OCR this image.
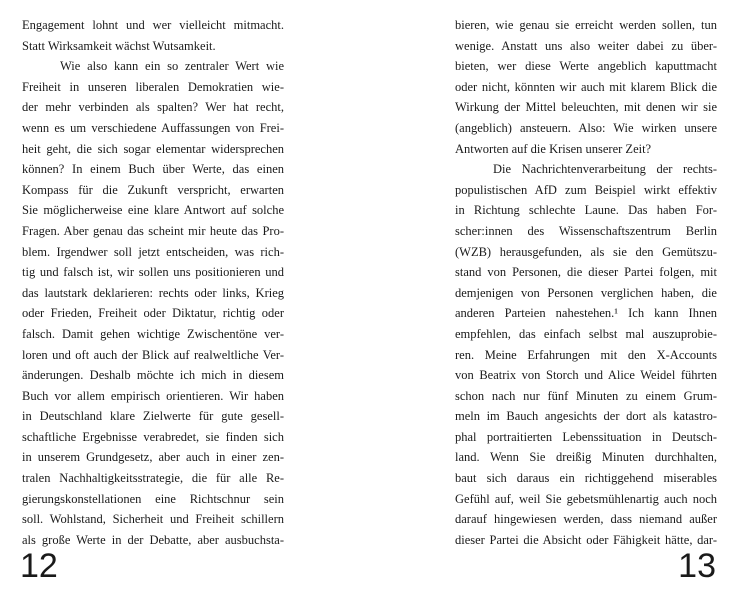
Engagement lohnt und wer vielleicht mitmacht.
Statt Wirksamkeit wächst Wutsamkeit.
Wie also kann ein so zentraler Wert wie
Freiheit in unseren liberalen Demokratien wie-
der mehr verbinden als spalten? Wer hat recht,
wenn es um verschiedene Auffassungen von Frei-
heit geht, die sich sogar elementar widersprechen
können? In einem Buch über Werte, das einen
Kompass für die Zukunft verspricht, erwarten
Sie möglicherweise eine klare Antwort auf solche
Fragen. Aber genau das scheint mir heute das Pro-
blem. Irgendwer soll jetzt entscheiden, was rich-
tig und falsch ist, wir sollen uns positionieren und
das lautstark deklarieren: rechts oder links, Krieg
oder Frieden, Freiheit oder Diktatur, richtig oder
falsch. Damit gehen wichtige Zwischentöne ver-
loren und oft auch der Blick auf realweltliche Ver-
änderungen. Deshalb möchte ich mich in diesem
Buch vor allem empirisch orientieren. Wir haben
in Deutschland klare Zielwerte für gute gesell-
schaftliche Ergebnisse verabredet, sie finden sich
in unserem Grundgesetz, aber auch in einer zen-
tralen Nachhaltigkeitsstrategie, die für alle Re-
gierungskonstellationen eine Richtschnur sein
soll. Wohlstand, Sicherheit und Freiheit schillern
als große Werte in der Debatte, aber ausbuchsta-
12
bieren, wie genau sie erreicht werden sollen, tun
wenige. Anstatt uns also weiter dabei zu über-
bieten, wer diese Werte angeblich kaputtmacht
oder nicht, könnten wir auch mit klarem Blick die
Wirkung der Mittel beleuchten, mit denen wir sie
(angeblich) ansteuern. Also: Wie wirken unsere
Antworten auf die Krisen unserer Zeit?
Die Nachrichtenverarbeitung der rechts-
populistischen AfD zum Beispiel wirkt effektiv
in Richtung schlechte Laune. Das haben For-
scher:innen des Wissenschaftszentrum Berlin
(WZB) herausgefunden, als sie den Gemütszu-
stand von Personen, die dieser Partei folgen, mit
demjenigen von Personen verglichen haben, die
anderen Parteien nahestehen.¹ Ich kann Ihnen
empfehlen, das einfach selbst mal auszuprobie-
ren. Meine Erfahrungen mit den X-Accounts
von Beatrix von Storch und Alice Weidel führten
schon nach nur fünf Minuten zu einem Grum-
meln im Bauch angesichts der dort als katastro-
phal portraitierten Lebenssituation in Deutsch-
land. Wenn Sie dreißig Minuten durchhalten,
baut sich daraus ein richtiggehend miserables
Gefühl auf, weil Sie gebetsmühlenartig auch noch
darauf hingewiesen werden, dass niemand außer
dieser Partei die Absicht oder Fähigkeit hätte, dar-
13
